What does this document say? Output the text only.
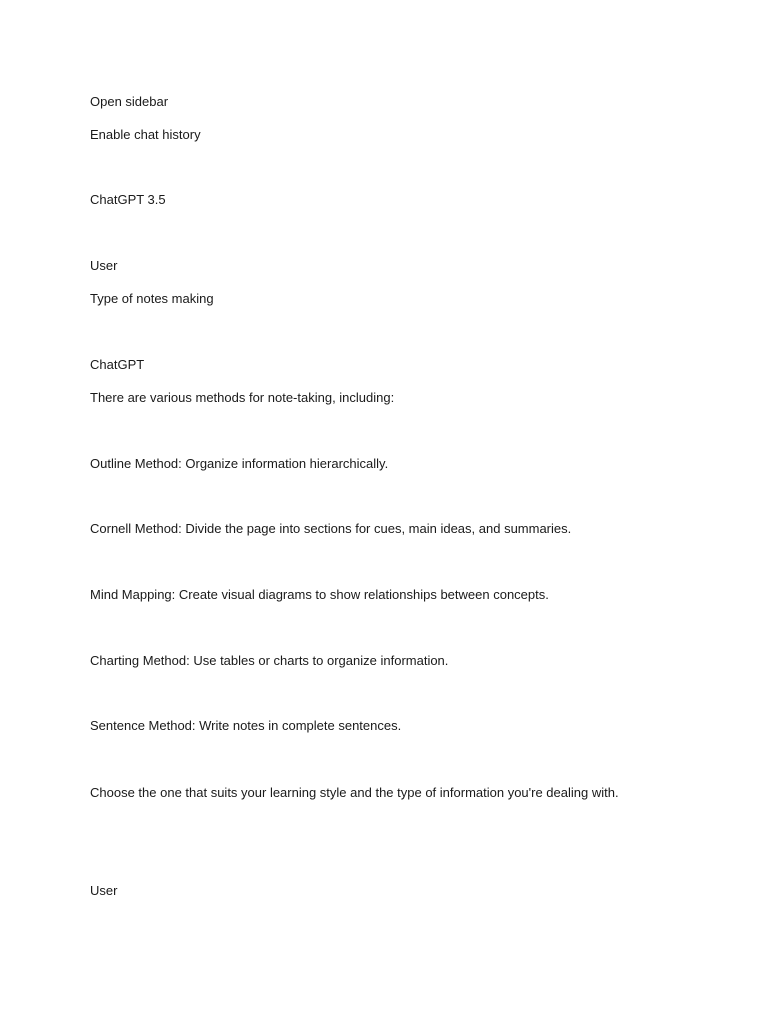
Open sidebar
Enable chat history
ChatGPT 3.5
User
Type of notes making
ChatGPT
There are various methods for note-taking, including:
Outline Method: Organize information hierarchically.
Cornell Method: Divide the page into sections for cues, main ideas, and summaries.
Mind Mapping: Create visual diagrams to show relationships between concepts.
Charting Method: Use tables or charts to organize information.
Sentence Method: Write notes in complete sentences.
Choose the one that suits your learning style and the type of information you're dealing with.
User
